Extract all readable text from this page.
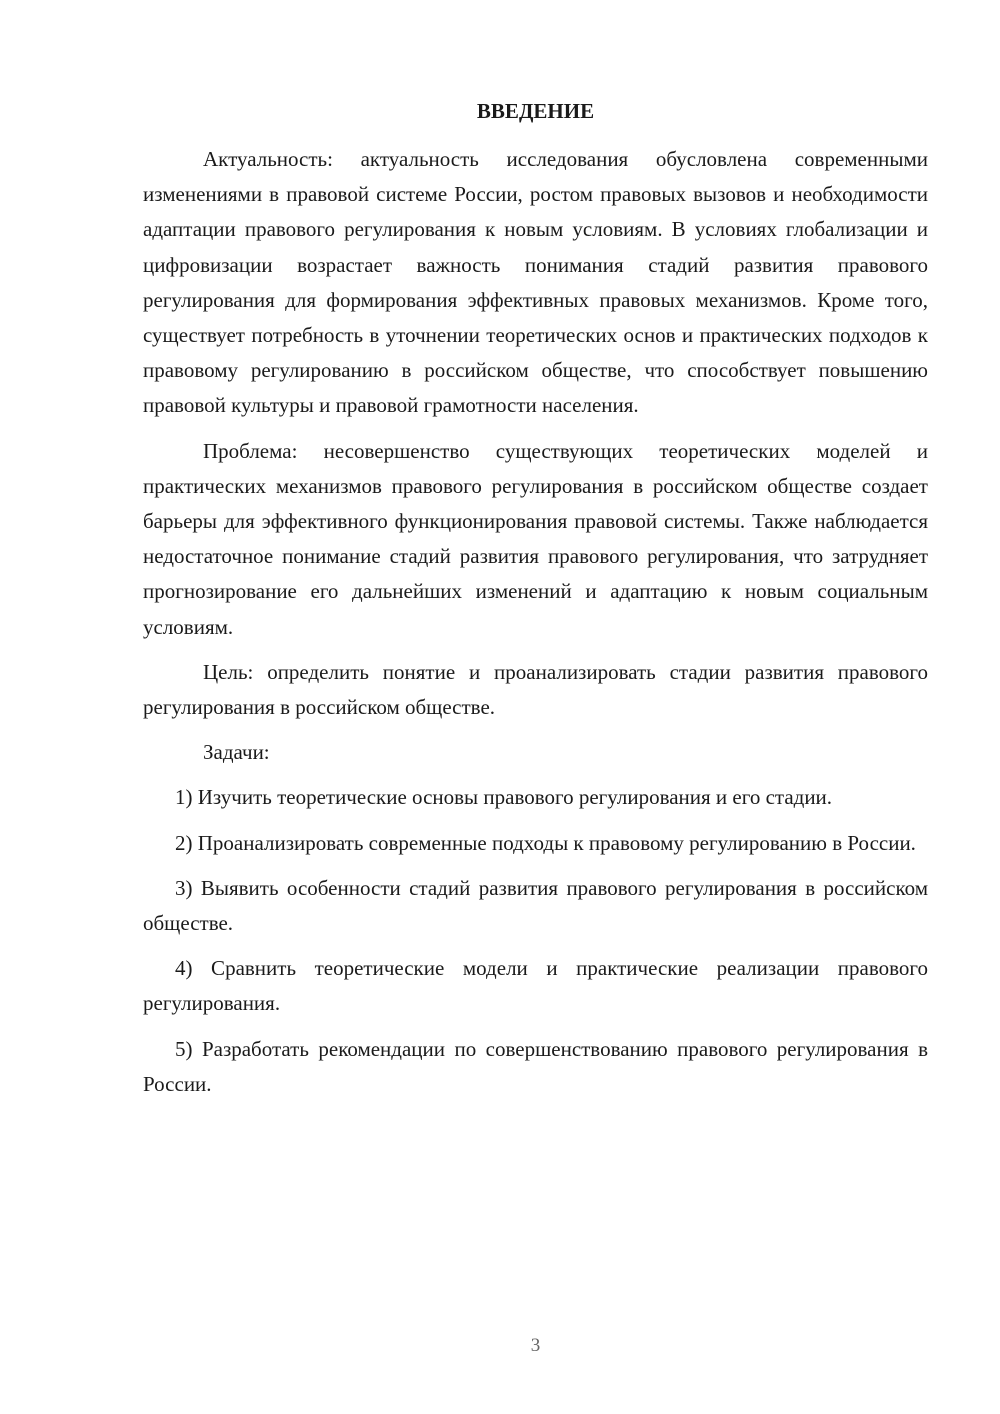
ВВЕДЕНИЕ

Актуальность: актуальность исследования обусловлена современными изменениями в правовой системе России, ростом правовых вызовов и необходимости адаптации правового регулирования к новым условиям. В условиях глобализации и цифровизации возрастает важность понимания стадий развития правового регулирования для формирования эффективных правовых механизмов. Кроме того, существует потребность в уточнении теоретических основ и практических подходов к правовому регулированию в российском обществе, что способствует повышению правовой культуры и правовой грамотности населения.

Проблема: несовершенство существующих теоретических моделей и практических механизмов правового регулирования в российском обществе создает барьеры для эффективного функционирования правовой системы. Также наблюдается недостаточное понимание стадий развития правового регулирования, что затрудняет прогнозирование его дальнейших изменений и адаптацию к новым социальным условиям.

Цель: определить понятие и проанализировать стадии развития правового регулирования в российском обществе.

Задачи:

1) Изучить теоретические основы правового регулирования и его стадии.

2) Проанализировать современные подходы к правовому регулированию в России.

3) Выявить особенности стадий развития правового регулирования в российском обществе.

4) Сравнить теоретические модели и практические реализации правового регулирования.

5) Разработать рекомендации по совершенствованию правового регулирования в России.

3
